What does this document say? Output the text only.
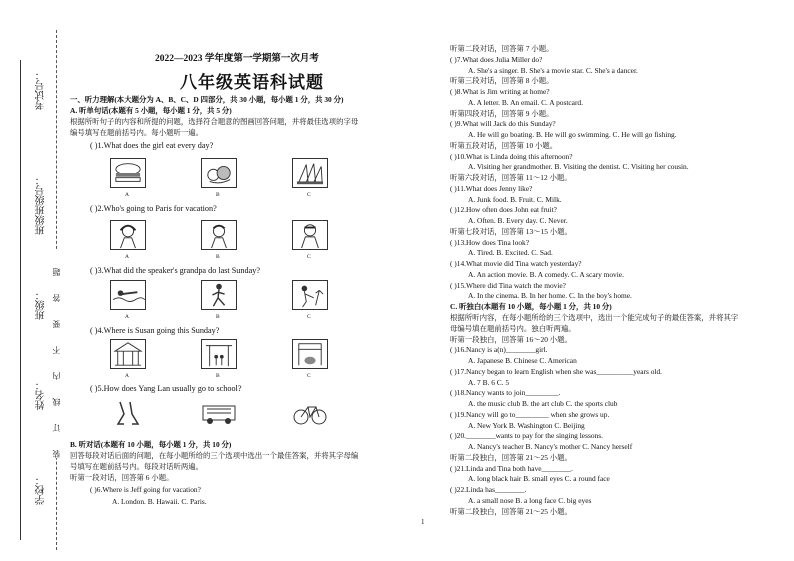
考试号：
班级班级号：
班级：
姓名：
学校：
装订线内不要答题
2022—2023 学年度第一学期第一次月考
八年级英语科试题
一、听力理解(本大题分为 A、B、C、D 四部分，共 30 小题，每小题 1 分，共 30 分)
A. 听单句话(本题有 5 小题，每小题 1 分，共 5 分)
根据所听句子的内容和所提的问题，选择符合题意的图画回答问题，并将最佳选项的字母
编号填写在题前括号内。每小题听一遍。
( )1.What does the girl eat every day?
A	B	C
( )2.Who's going to Paris for vacation?
A	B	C
( )3.What did the speaker's grandpa do last Sunday?
A	B	C
( )4.Where is Susan going this Sunday?
A	B	C
( )5.How does Yang Lan usually go to school?
B. 听对话(本题有 10 小题，每小题 1 分，共 10 分)
回答每段对话后面的问题，在每小题所给的三个选项中选出一个最佳答案，并将其字母编
号填写在题前括号内。每段对话听两遍。
听第一段对话，回答第 6 小题。
( )6.Where is Jeff going for vacation?
A. London. B. Hawaii. C. Paris.
听第二段对话，回答第 7 小题。
( )7.What does Julia Miller do?
A. She's a singer. B. She's a movie star. C. She's a dancer.
听第三段对话，回答第 8 小题。
( )8.What is Jim writing at home?
A. A letter. B. An email. C. A postcard.
听第四段对话，回答第 9 小题。
( )9.What will Jack do this Sunday?
A. He will go boating. B. He will go swimming. C. He will go fishing.
听第五段对话，回答第 10 小题。
( )10.What is Linda doing this afternoon?
A. Visiting her grandmother. B. Visiting the dentist. C. Visiting her cousin.
听第六段对话，回答第 11～12 小题。
( )11.What does Jenny like?
A. Junk food. B. Fruit. C. Milk.
( )12.How often does John eat fruit?
A. Often. B. Every day. C. Never.
听第七段对话，回答第 13～15 小题。
( )13.How does Tina look?
A. Tired. B. Excited. C. Sad.
( )14.What movie did Tina watch yesterday?
A. An action movie. B. A comedy. C. A scary movie.
( )15.Where did Tina watch the movie?
A. In the cinema. B. In her home. C. In the boy's home.
C. 听独白(本题有 10 小题，每小题 1 分，共 10 分)
根据所听内容，在每小题所给的三个选项中，选出一个能完成句子的最佳答案，并将其字
母编号填在题前括号内。独白听两遍。
听第一段独白，回答第 16～20 小题。
( )16.Nancy is a(n)________girl.
A. Japanese B. Chinese C. American
( )17.Nancy began to learn English when she was__________years old.
A. 7 B. 6 C. 5
( )18.Nancy wants to join_________.
A. the music club B. the art club C. the sports club
( )19.Nancy will go to_________ when she grows up.
A. New York B. Washington C. Beijing
( )20.________wants to pay for the singing lessons.
A. Nancy's teacher B. Nancy's mother C. Nancy herself
听第二段独白，回答第 21～25 小题。
( )21.Linda and Tina both have________.
A. long black hair B. small eyes C. a round face
( )22.Linda has________.
A. a small nose B. a long face C. big eyes
听第二段独白，回答第 21～25 小题。
1
